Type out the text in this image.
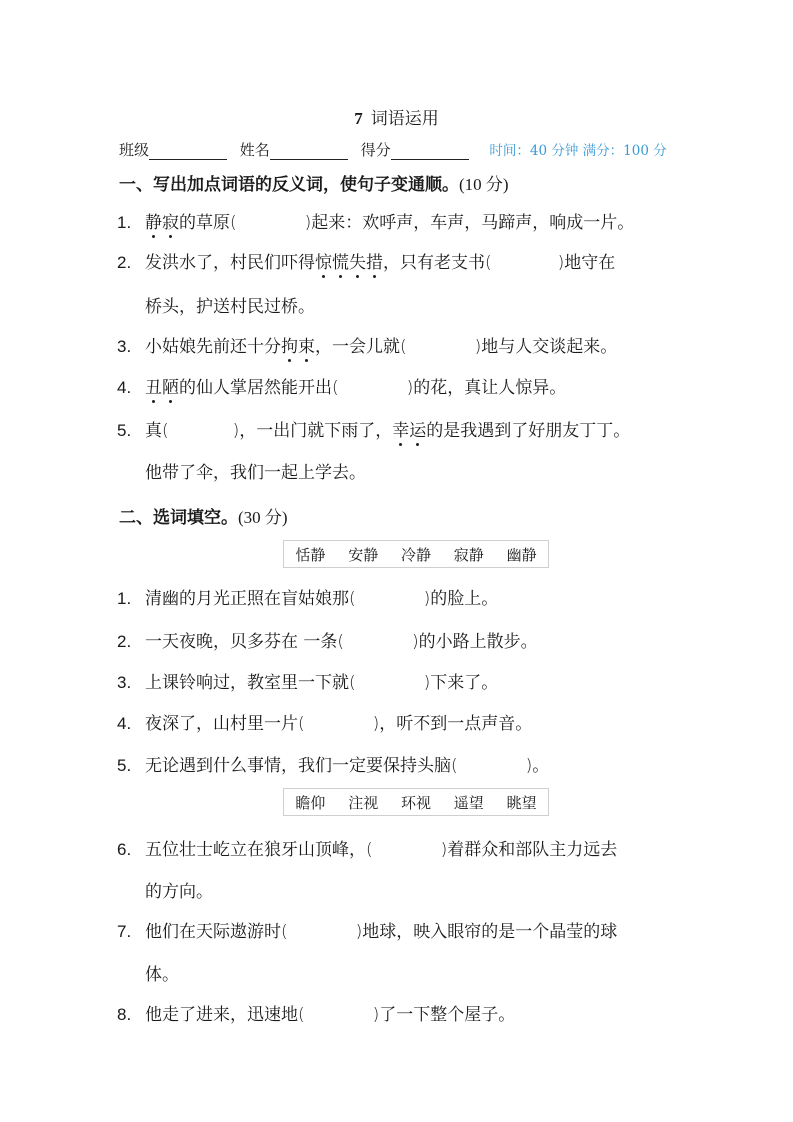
7 词语运用
班级	姓名	得分	时间：40 分钟 满分：100 分
一、写出加点词语的反义词，使句子变通顺。(10 分)
1. 静寂的草原(	)起来：欢呼声，车声，马蹄声，响成一片。
2. 发洪水了，村民们吓得惊慌失措，只有老支书(	)地守在
桥头，护送村民过桥。
3. 小姑娘先前还十分拘束，一会儿就(	)地与人交谈起来。
4. 丑陋的仙人掌居然能开出(	)的花，真让人惊异。
5. 真(	)，一出门就下雨了，幸运的是我遇到了好朋友丁丁。
他带了伞，我们一起上学去。
二、选词填空。(30 分)
恬静 安静 冷静 寂静 幽静
1. 清幽的月光正照在盲姑娘那(	)的脸上。
2. 一天夜晚，贝多芬在 一条(	)的小路上散步。
3. 上课铃响过，教室里一下就(	)下来了。
4. 夜深了，山村里一片(	)，听不到一点声音。
5. 无论遇到什么事情，我们一定要保持头脑(	)。
瞻仰 注视 环视 遥望 眺望
6. 五位壮士屹立在狼牙山顶峰，(	)着群众和部队主力远去
的方向。
7. 他们在天际遨游时(	)地球，映入眼帘的是一个晶莹的球
体。
8. 他走了进来，迅速地(	)了一下整个屋子。
